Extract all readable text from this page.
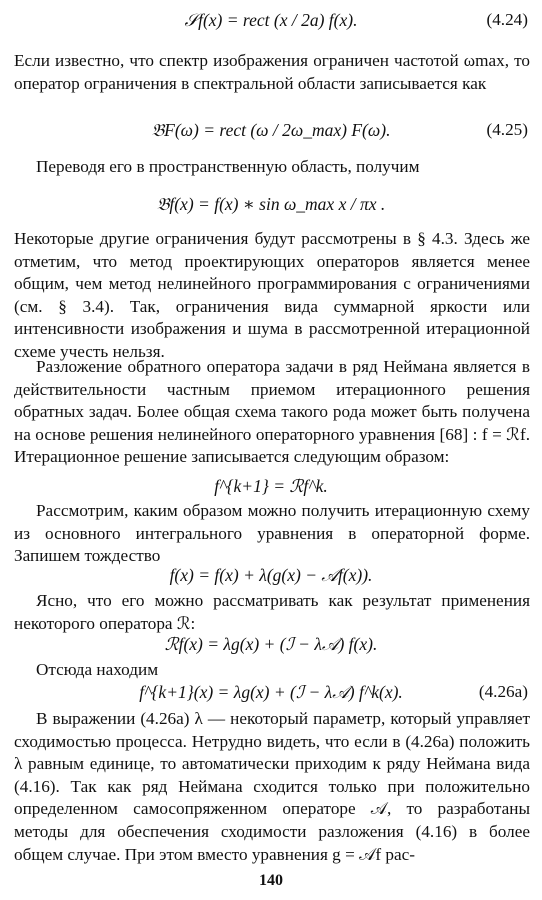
𝒮f(x) = rect (x / 2a) f(x).	(4.24)
Если известно, что спектр изображения ограничен частотой ωmax, то оператор ограничения в спектральной области записывается как
𝔅F(ω) = rect (ω / 2ω_max) F(ω).	(4.25)
Переводя его в пространственную область, получим
𝔅f(x) = f(x) ∗ sin ω_max x / πx .
Некоторые другие ограничения будут рассмотрены в § 4.3. Здесь же отметим, что метод проектирующих операторов является менее общим, чем метод нелинейного программирования с ограничениями (см. § 3.4). Так, ограничения вида суммарной яркости или интенсивности изображения и шума в рассмотренной итерационной схеме учесть нельзя.
Разложение обратного оператора задачи в ряд Неймана является в действительности частным приемом итерационного решения обратных задач. Более общая схема такого рода может быть получена на основе решения нелинейного операторного уравнения [68] : f = ℛf. Итерационное решение записывается следующим образом:
f^{k+1} = ℛf^k.
Рассмотрим, каким образом можно получить итерационную схему из основного интегрального уравнения в операторной форме. Запишем тождество
f(x) = f(x) + λ(g(x) − 𝒜f(x)).
Ясно, что его можно рассматривать как результат применения некоторого оператора ℛ:
ℛf(x) = λg(x) + (ℐ − λ𝒜) f(x).
Отсюда находим
f^{k+1}(x) = λg(x) + (ℐ − λ𝒜) f^k(x).	(4.26a)
В выражении (4.26a) λ — некоторый параметр, который управляет сходимостью процесса. Нетрудно видеть, что если в (4.26a) положить λ равным единице, то автоматически приходим к ряду Неймана вида (4.16). Так как ряд Неймана сходится только при положительно определенном самосопряженном операторе 𝒜, то разработаны методы для обеспечения сходимости разложения (4.16) в более общем случае. При этом вместо уравнения g = 𝒜f рас-
140
